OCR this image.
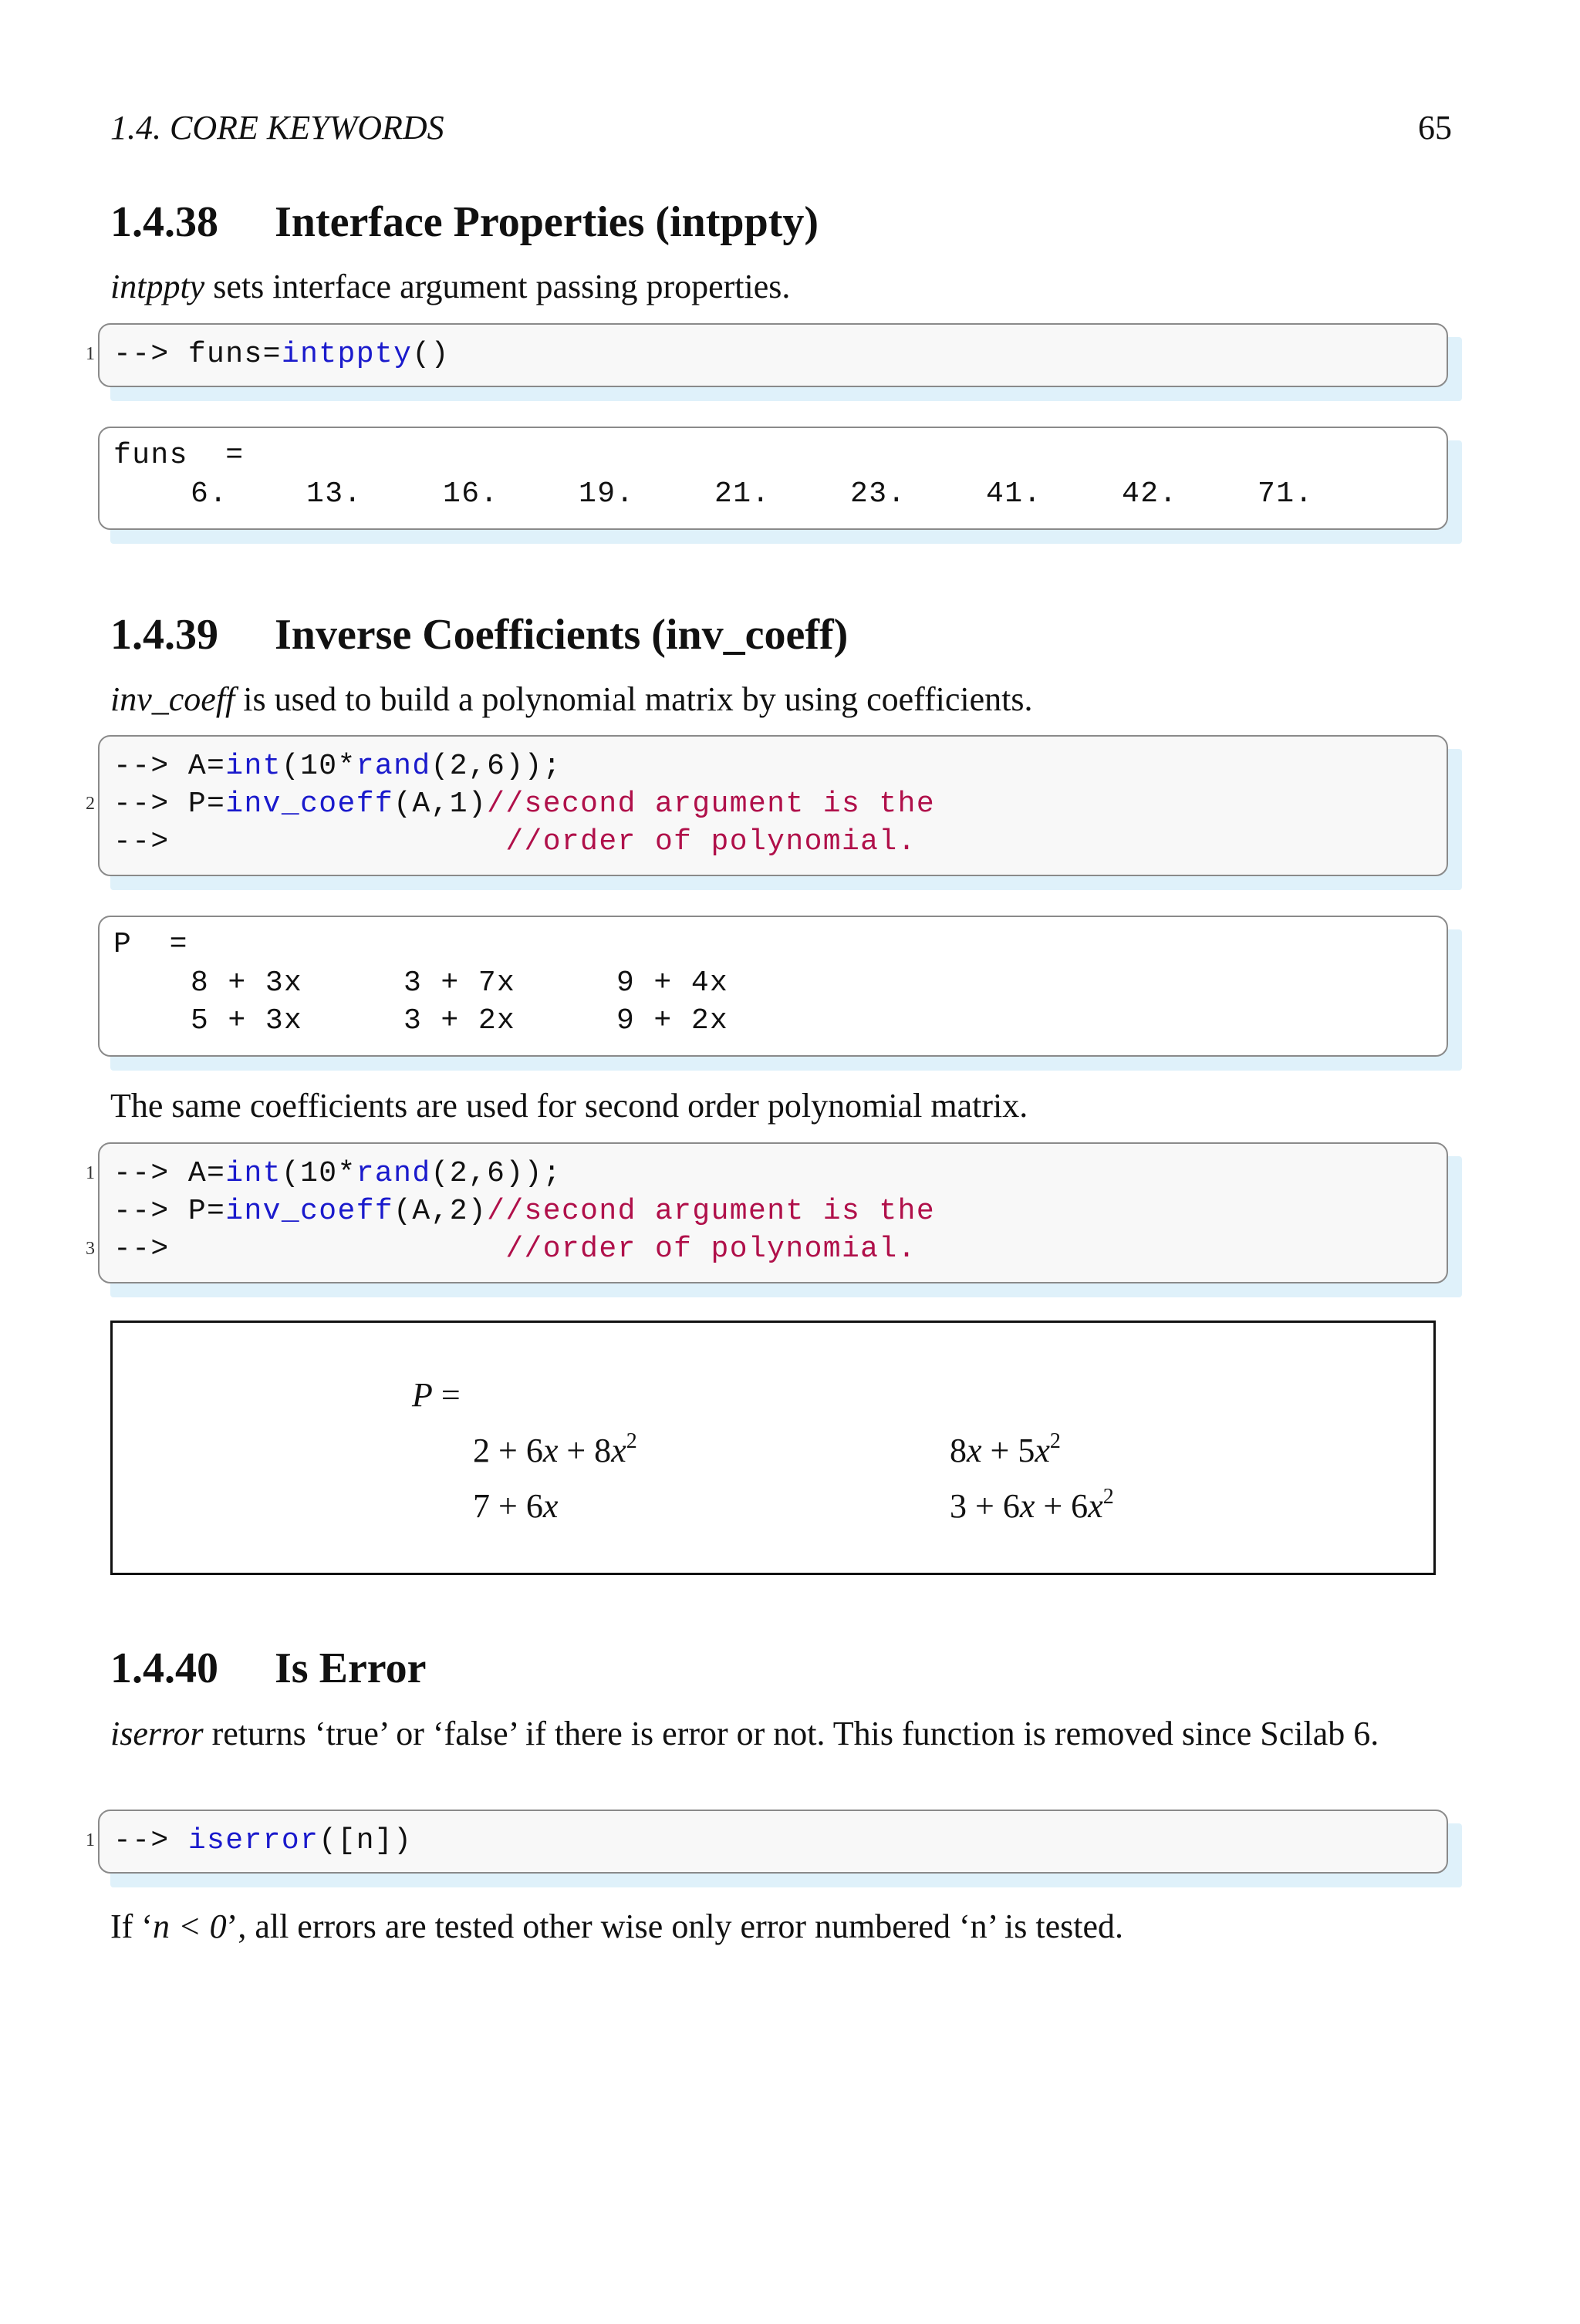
1.4. CORE KEYWORDS	65
1.4.38 Interface Properties (intppty)
intppty sets interface argument passing properties.
1 --> funs=intppty()
funs  =
6.	13.	16.	19.	21.	23.	41.	42.	71.
1.4.39 Inverse Coefficients (inv_coeff)
inv_coeff is used to build a polynomial matrix by using coefficients.
--> A=int(10*rand(2,6));
2 --> P=inv_coeff(A,1)//second argument is the
-->	//order of polynomial.
P  =
8 + 3x	3 + 7x	9 + 4x
5 + 3x	3 + 2x	9 + 2x
The same coefficients are used for second order polynomial matrix.
1 --> A=int(10*rand(2,6));
--> P=inv_coeff(A,2)//second argument is the
3 -->	//order of polynomial.
P =
$2 + 6x + 8x^2$	$8x + 5x^2$
7 + 6x	$3 + 6x + 6x^2$
1.4.40 Is Error
iserror returns ‘true’ or ‘false’ if there is error or not. This function is removed since Scilab 6.
1 --> iserror([n])
If ‘n < 0’, all errors are tested other wise only error numbered ‘n’ is tested.
